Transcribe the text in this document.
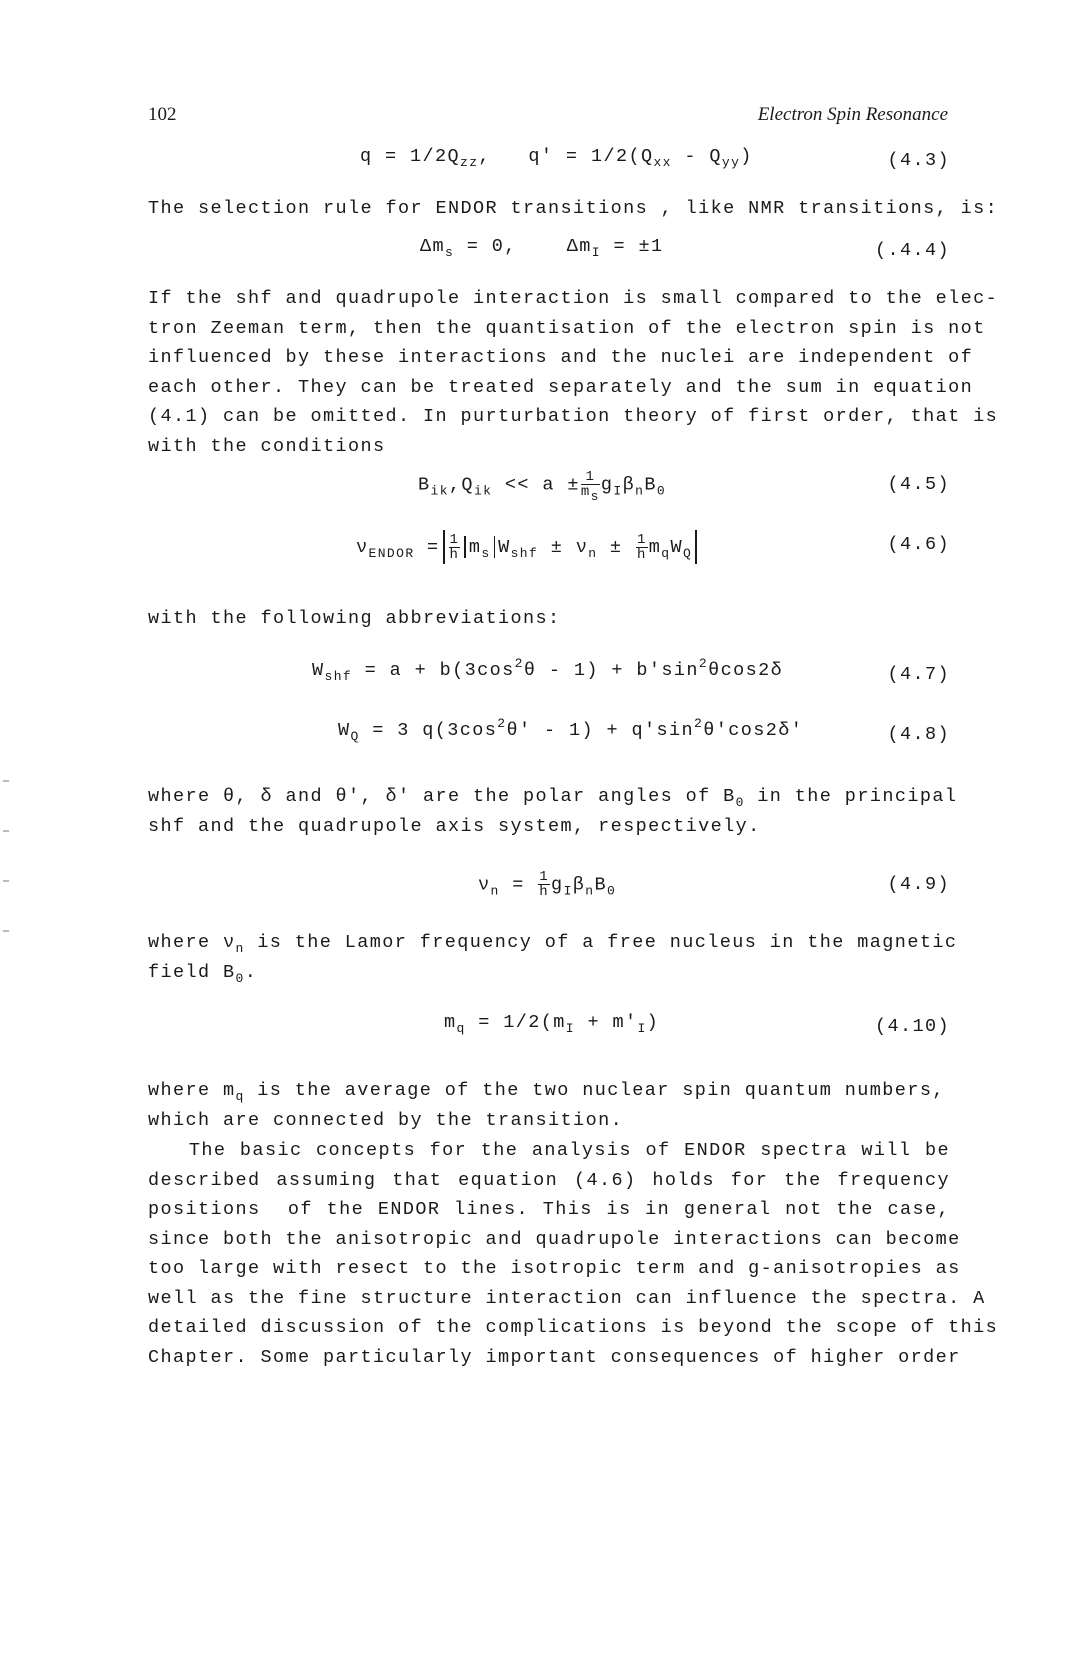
102	Electron Spin Resonance

$q = 1/2Q_{zz}$,   $q' = 1/2(Q_{xx} - Q_{yy})$

	(4.3)

The selection rule for ENDOR transitions , like NMR transitions, is:

$\Delta m_s = 0$,    $\Delta m_I = \pm 1$

	(.4.4)

If the shf and quadrupole interaction is small compared to the elec-
tron Zeeman term, then the quantisation of the electron spin is not
influenced by these interactions and the nuclei are independent of
each other. They can be treated separately and the sum in equation
(4.1) can be omitted. In purturbation theory of first order, that is
with the conditions

$B_{ik},Q_{ik} << a \pm \frac{1}{m_s} g_I\beta_nB_0$

	(4.5)

$\nu_{ENDOR} = \frac{1}{h} m_s$ $W_{shf} \pm \nu_n \pm \frac{1}{h} m_qW_Q$

	(4.6)

with the following abbreviations:

$W_{shf} = a + b(3\cos^2\theta - 1) + b'\sin^2\theta\cos 2\delta$

	(4.7)

$W_Q = 3$ $q(3\cos^2\theta' - 1) + q'\sin^2\theta'\cos 2\delta'$

	(4.8)

where θ, δ and θ', δ' are the polar angles of $B_0$ in the principal
shf and the quadrupole axis system, respectively.

$\nu_n = \frac{1}{h} g_I\beta_nB_0$

	(4.9)

where $\nu_n$ is the Lamor frequency of a free nucleus in the magnetic
field $B_0$.

$m_q = 1/2(m_I + m'_I)$

	(4.10)

where $m_q$ is the average of the two nuclear spin quantum numbers,
which are connected by the transition.
The basic concepts for the analysis of ENDOR spectra will be
described assuming that equation (4.6) holds for the frequency
positions  of the ENDOR lines. This is in general not the case,
since both the anisotropic and quadrupole interactions can become
too large with resect to the isotropic term and g-anisotropies as
well as the fine structure interaction can influence the spectra. A
detailed discussion of the complications is beyond the scope of this
Chapter. Some particularly important consequences of higher order
